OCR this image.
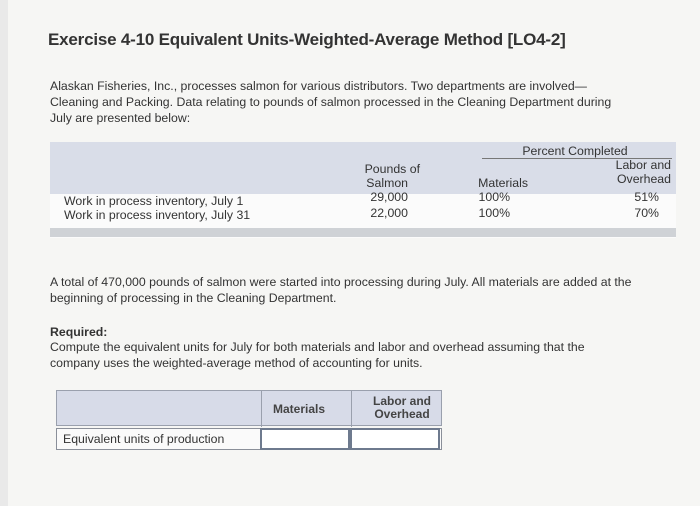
Exercise 4-10 Equivalent Units-Weighted-Average Method [LO4-2]
Alaskan Fisheries, Inc., processes salmon for various distributors. Two departments are involved—
Cleaning and Packing. Data relating to pounds of salmon processed in the Cleaning Department during
July are presented below:
Percent Completed
Pounds of
Salmon
Labor and
Overhead
Materials
Work in process inventory, July 1	29,000	100%	51%
Work in process inventory, July 31	22,000	100%	70%
A total of 470,000 pounds of salmon were started into processing during July. All materials are added at the
beginning of processing in the Cleaning Department.
Required:
Compute the equivalent units for July for both materials and labor and overhead assuming that the
company uses the weighted-average method of accounting for units.
Materials
Labor and
Overhead
Equivalent units of production
